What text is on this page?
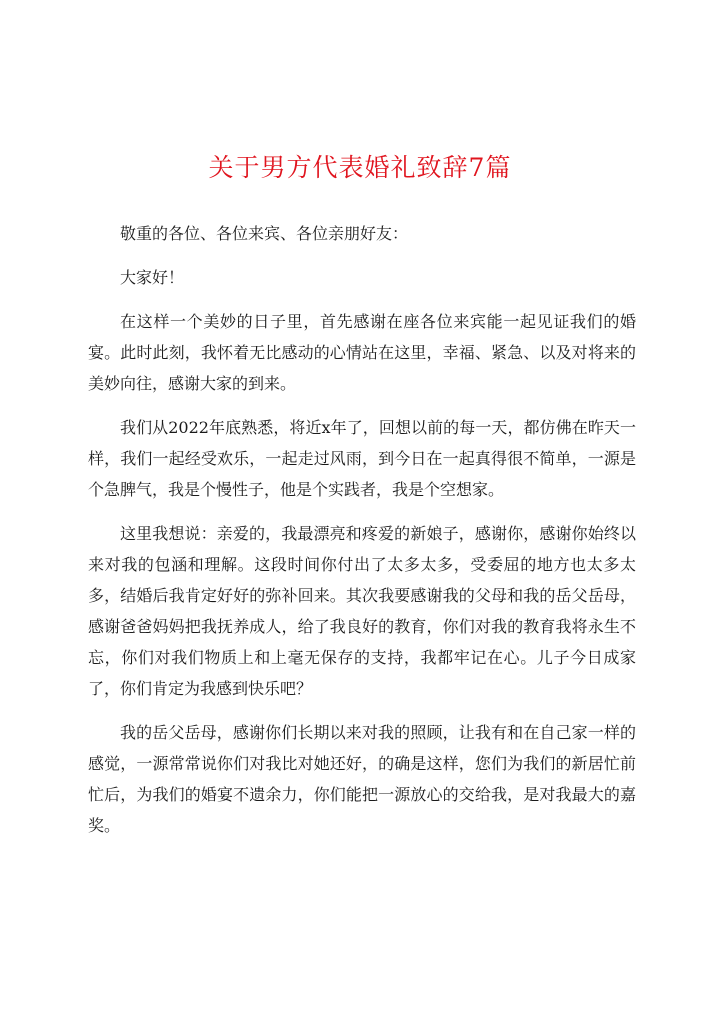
关于男方代表婚礼致辞7篇

敬重的各位、各位来宾、各位亲朋好友：

大家好！

在这样一个美妙的日子里，首先感谢在座各位来宾能一起见证我们的婚宴。此时此刻，我怀着无比感动的心情站在这里，幸福、紧急、以及对将来的美妙向往，感谢大家的到来。

我们从2022年底熟悉，将近x年了，回想以前的每一天，都仿佛在昨天一样，我们一起经受欢乐，一起走过风雨，到今日在一起真得很不简单，一源是个急脾气，我是个慢性子，他是个实践者，我是个空想家。

这里我想说：亲爱的，我最漂亮和疼爱的新娘子，感谢你，感谢你始终以来对我的包涵和理解。这段时间你付出了太多太多，受委屈的地方也太多太多，结婚后我肯定好好的弥补回来。其次我要感谢我的父母和我的岳父岳母，感谢爸爸妈妈把我抚养成人，给了我良好的教育，你们对我的教育我将永生不忘，你们对我们物质上和上毫无保存的支持，我都牢记在心。儿子今日成家了，你们肯定为我感到快乐吧？

我的岳父岳母，感谢你们长期以来对我的照顾，让我有和在自己家一样的感觉，一源常常说你们对我比对她还好，的确是这样，您们为我们的新居忙前忙后，为我们的婚宴不遗余力，你们能把一源放心的交给我，是对我最大的嘉奖。
